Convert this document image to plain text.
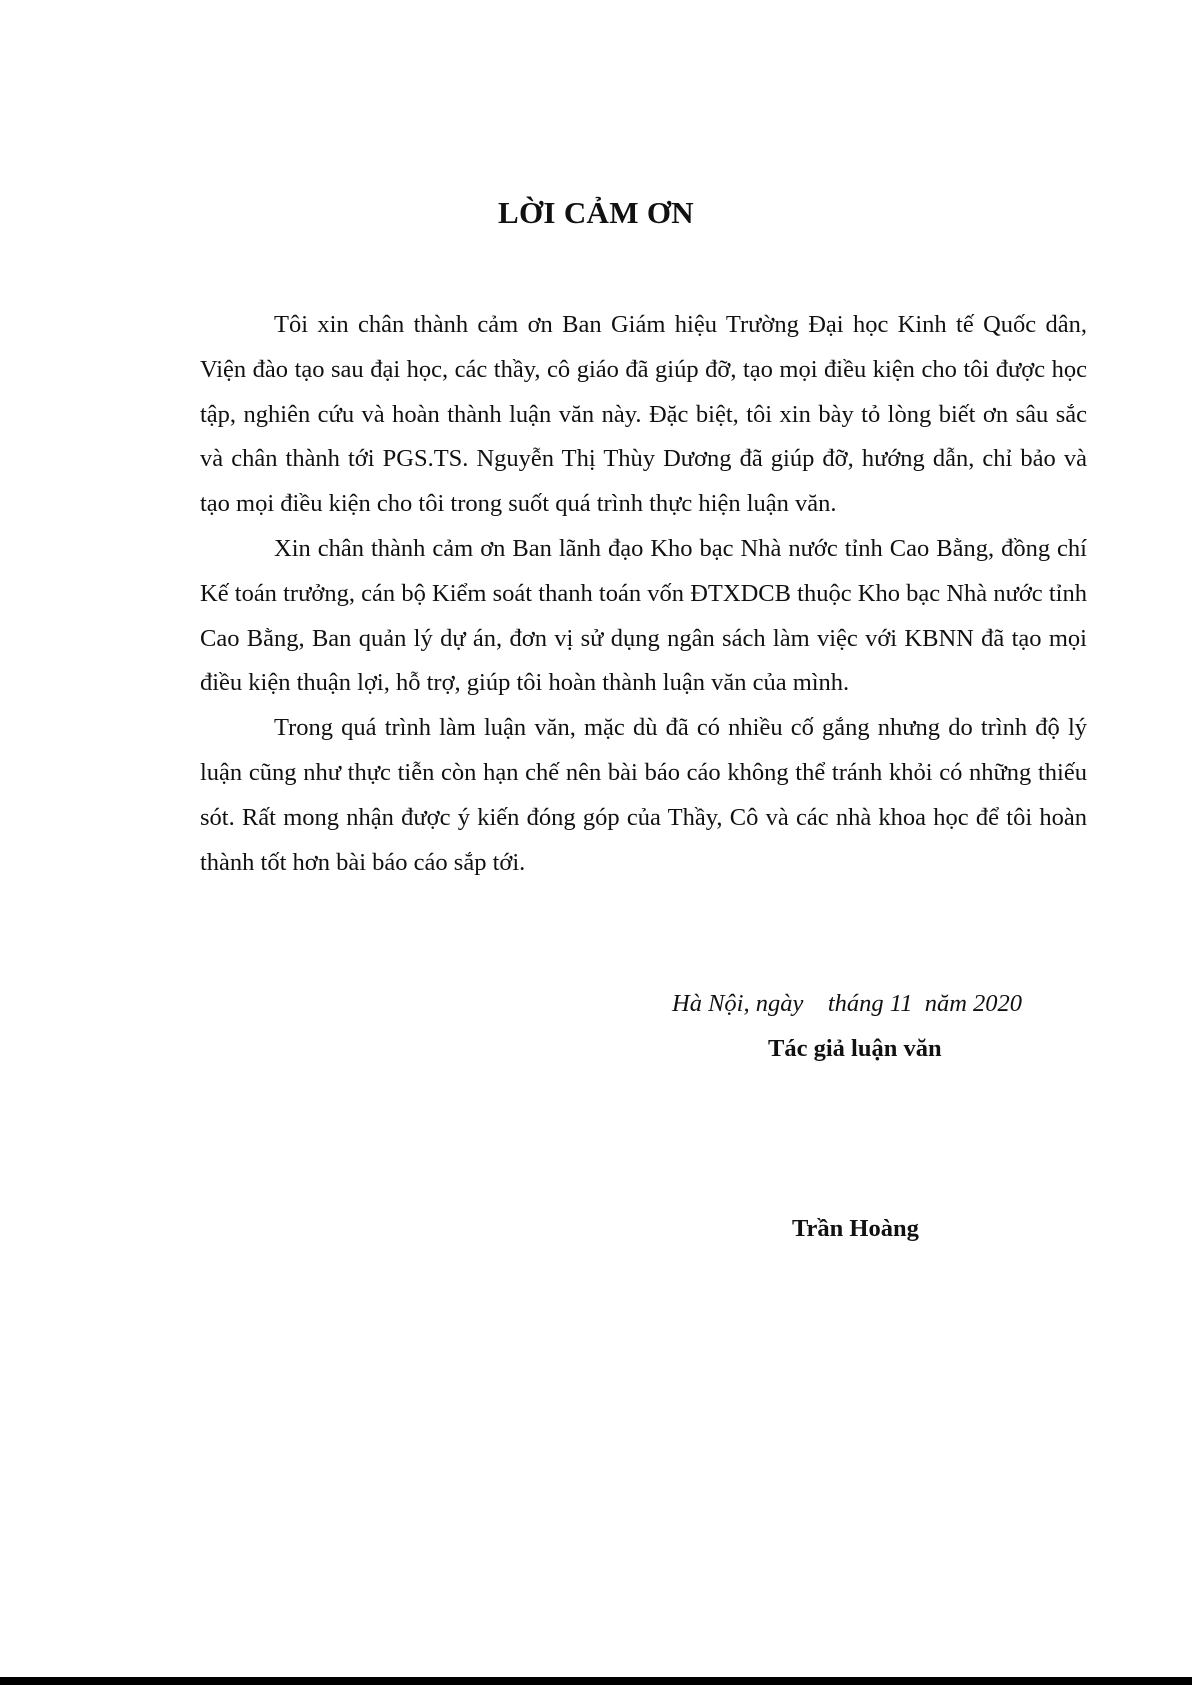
LỜI CẢM ƠN

Tôi xin chân thành cảm ơn Ban Giám hiệu Trường Đại học Kinh tế Quốc dân, Viện đào tạo sau đại học, các thầy, cô giáo đã giúp đỡ, tạo mọi điều kiện cho tôi được học tập, nghiên cứu và hoàn thành luận văn này. Đặc biệt, tôi xin bày tỏ lòng biết ơn sâu sắc và chân thành tới PGS.TS. Nguyễn Thị Thùy Dương đã giúp đỡ, hướng dẫn, chỉ bảo và tạo mọi điều kiện cho tôi trong suốt quá trình thực hiện luận văn.

Xin chân thành cảm ơn Ban lãnh đạo Kho bạc Nhà nước tỉnh Cao Bằng, đồng chí Kế toán trưởng, cán bộ Kiểm soát thanh toán vốn ĐTXDCB thuộc Kho bạc Nhà nước tỉnh Cao Bằng, Ban quản lý dự án, đơn vị sử dụng ngân sách làm việc với KBNN đã tạo mọi điều kiện thuận lợi, hỗ trợ, giúp tôi hoàn thành luận văn của mình.

Trong quá trình làm luận văn, mặc dù đã có nhiều cố gắng nhưng do trình độ lý luận cũng như thực tiễn còn hạn chế nên bài báo cáo không thể tránh khỏi có những thiếu sót. Rất mong nhận được ý kiến đóng góp của Thầy, Cô và các nhà khoa học để tôi hoàn thành tốt hơn bài báo cáo sắp tới.

Hà Nội, ngày    tháng 11  năm 2020

Tác giả luận văn

Trần Hoàng
